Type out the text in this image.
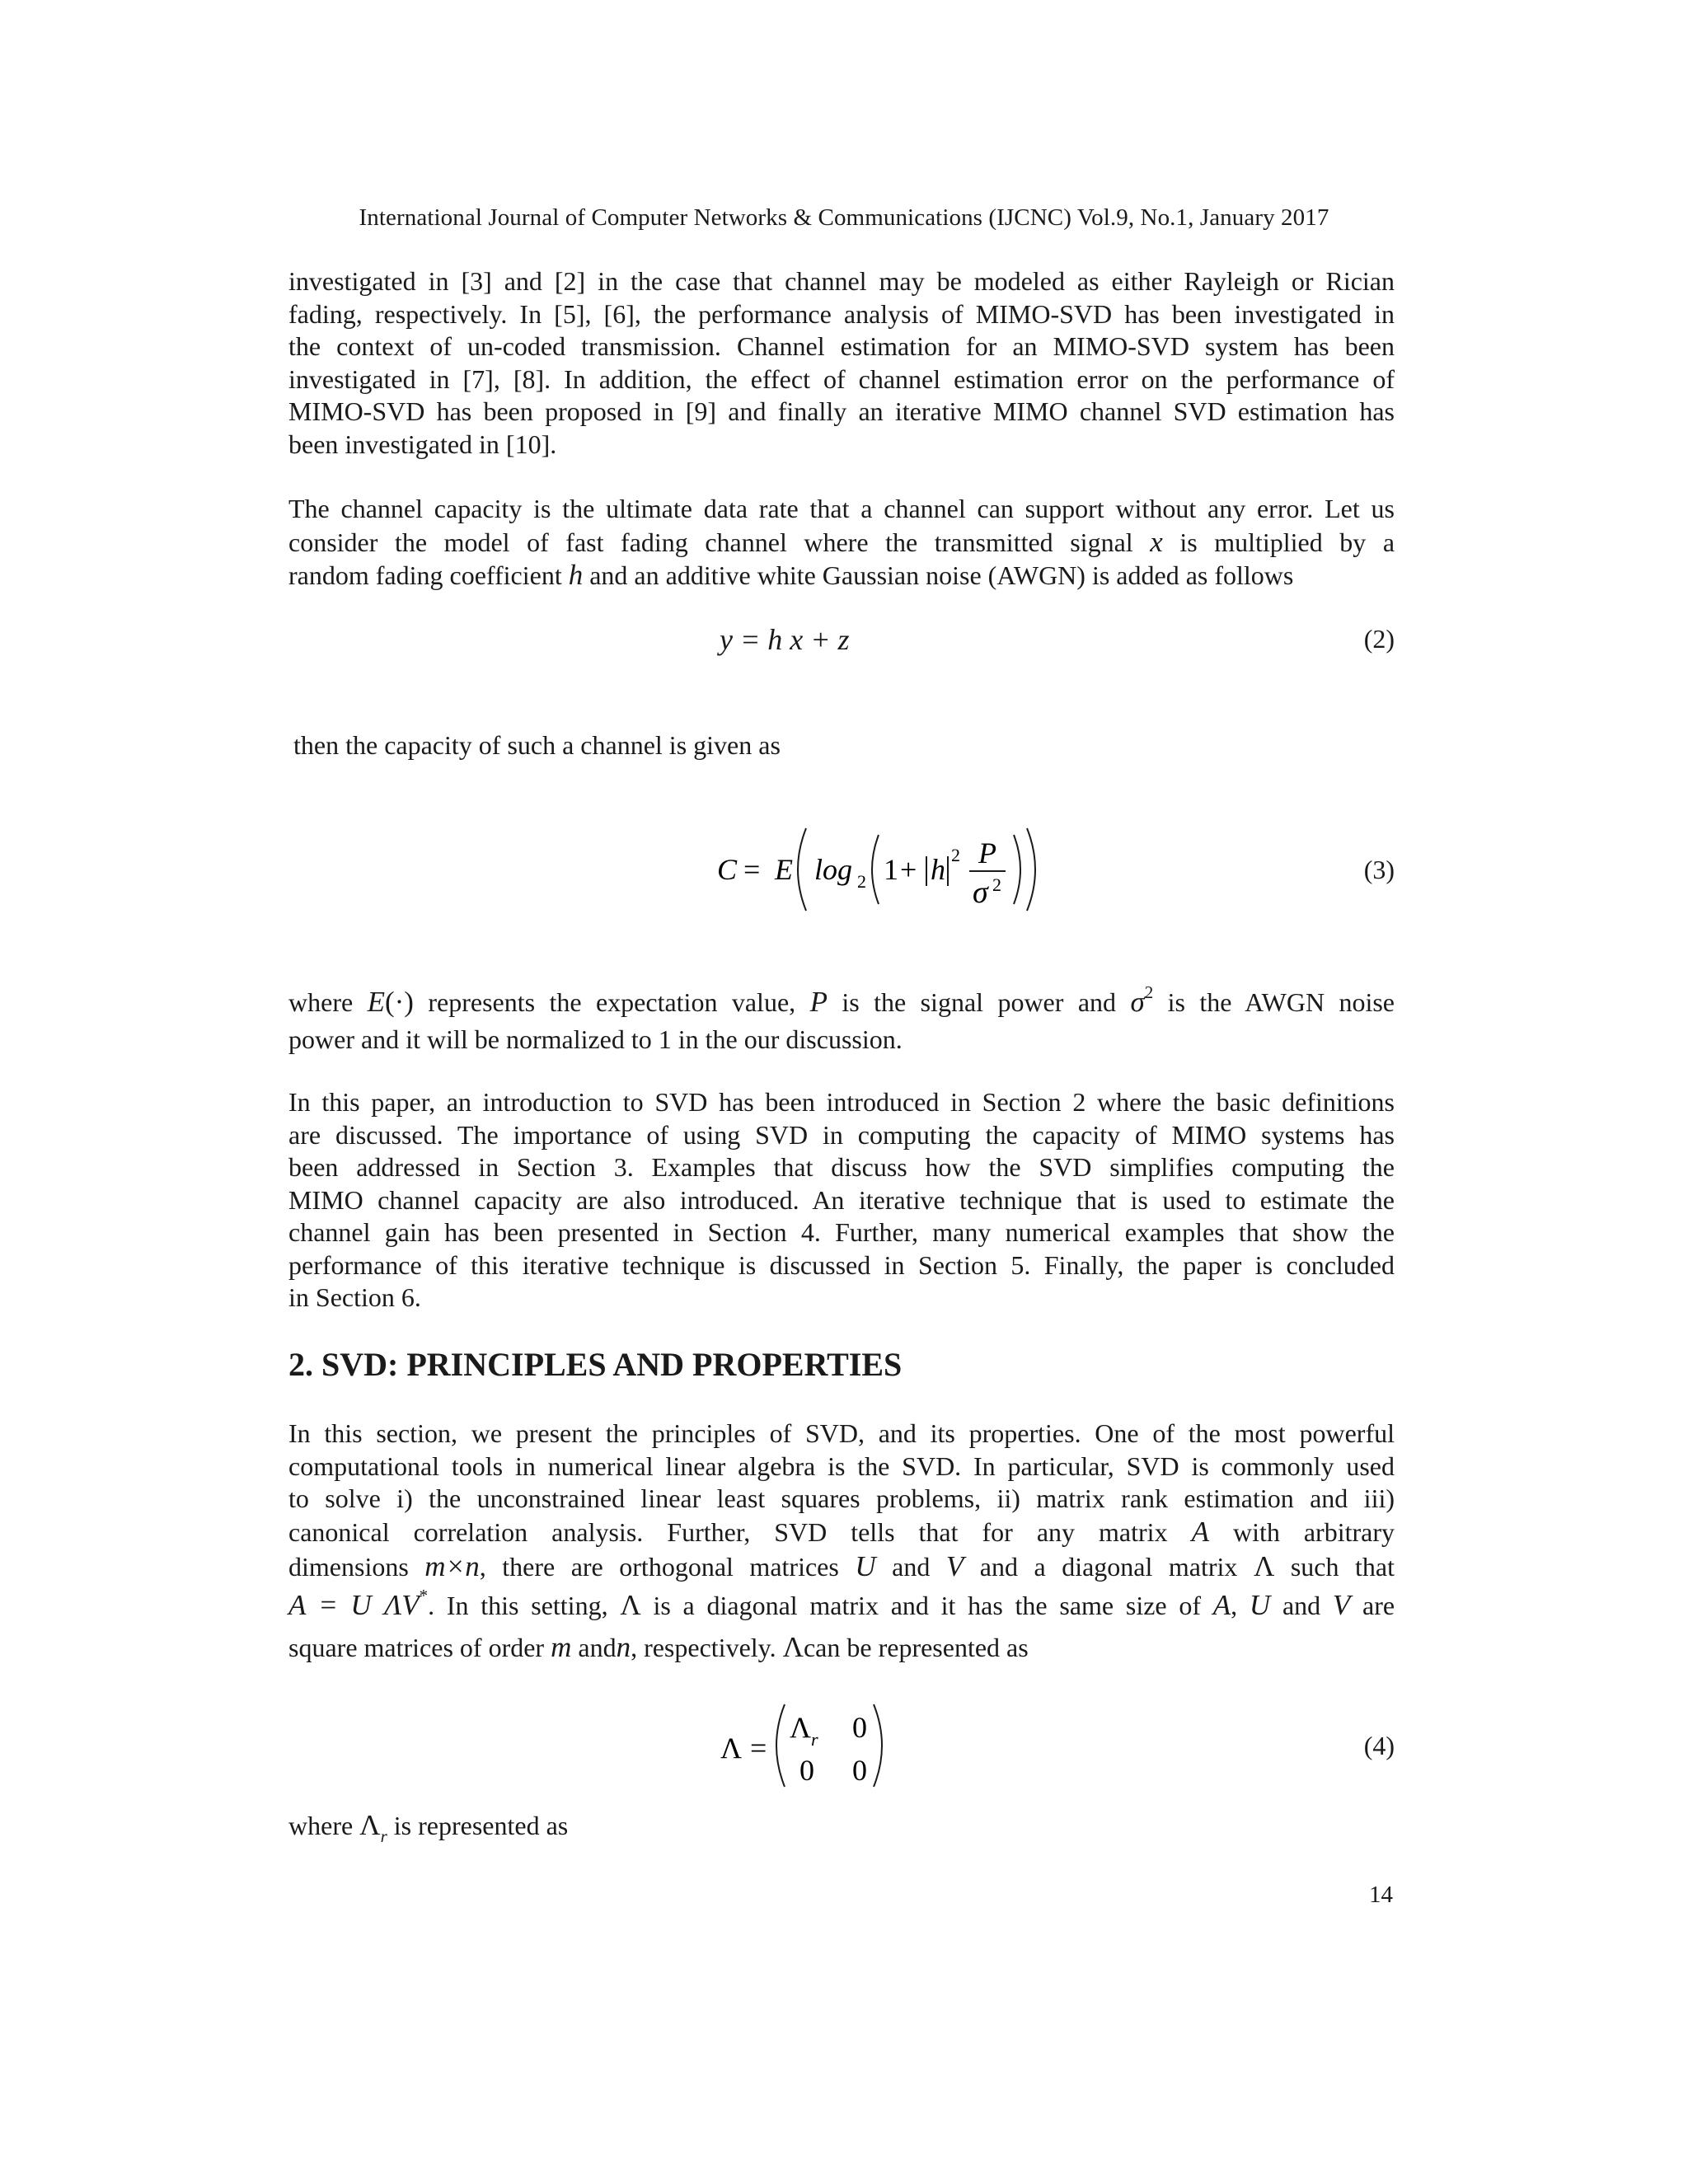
International Journal of Computer Networks & Communications (IJCNC) Vol.9, No.1, January 2017
investigated in [3] and [2] in the case that channel may be modeled as either Rayleigh or Rician
fading, respectively. In [5], [6], the performance analysis of MIMO-SVD has been investigated in
the context of un-coded transmission. Channel estimation for an MIMO-SVD system has been
investigated in [7], [8]. In addition, the effect of channel estimation error on the performance of
MIMO-SVD has been proposed in [9] and finally an iterative MIMO channel SVD estimation has
been investigated in [10].
The channel capacity is the ultimate data rate that a channel can support without any error. Let us
consider the model of fast fading channel where the transmitted signal x is multiplied by a
random fading coefficient h and an additive white Gaussian noise (AWGN) is added as follows
y = h x + z	(2)
then the capacity of such a channel is given as
C = E log 2 1 + h 2 P
σ 2
(3)
where E(·) represents the expectation value, P is the signal power and $\sigma^2$ is the AWGN noise
power and it will be normalized to 1 in the our discussion.
In this paper, an introduction to SVD has been introduced in Section 2 where the basic definitions
are discussed. The importance of using SVD in computing the capacity of MIMO systems has
been addressed in Section 3. Examples that discuss how the SVD simplifies computing the
MIMO channel capacity are also introduced. An iterative technique that is used to estimate the
channel gain has been presented in Section 4. Further, many numerical examples that show the
performance of this iterative technique is discussed in Section 5. Finally, the paper is concluded
in Section 6.
2. SVD: PRINCIPLES AND PROPERTIES
In this section, we present the principles of SVD, and its properties. One of the most powerful
computational tools in numerical linear algebra is the SVD. In particular, SVD is commonly used
to solve i) the unconstrained linear least squares problems, ii) matrix rank estimation and iii)
canonical correlation analysis. Further, SVD tells that for any matrix A with arbitrary
dimensions m×n, there are orthogonal matrices U and V and a diagonal matrix Λ such that
A = U ΛV*. In this setting, Λ is a diagonal matrix and it has the same size of A, U and V are
square matrices of order m andn, respectively. Λcan be represented as
Λ =
Λ r 0
0 0
(4)
where $\Lambda_r$ is represented as
14
